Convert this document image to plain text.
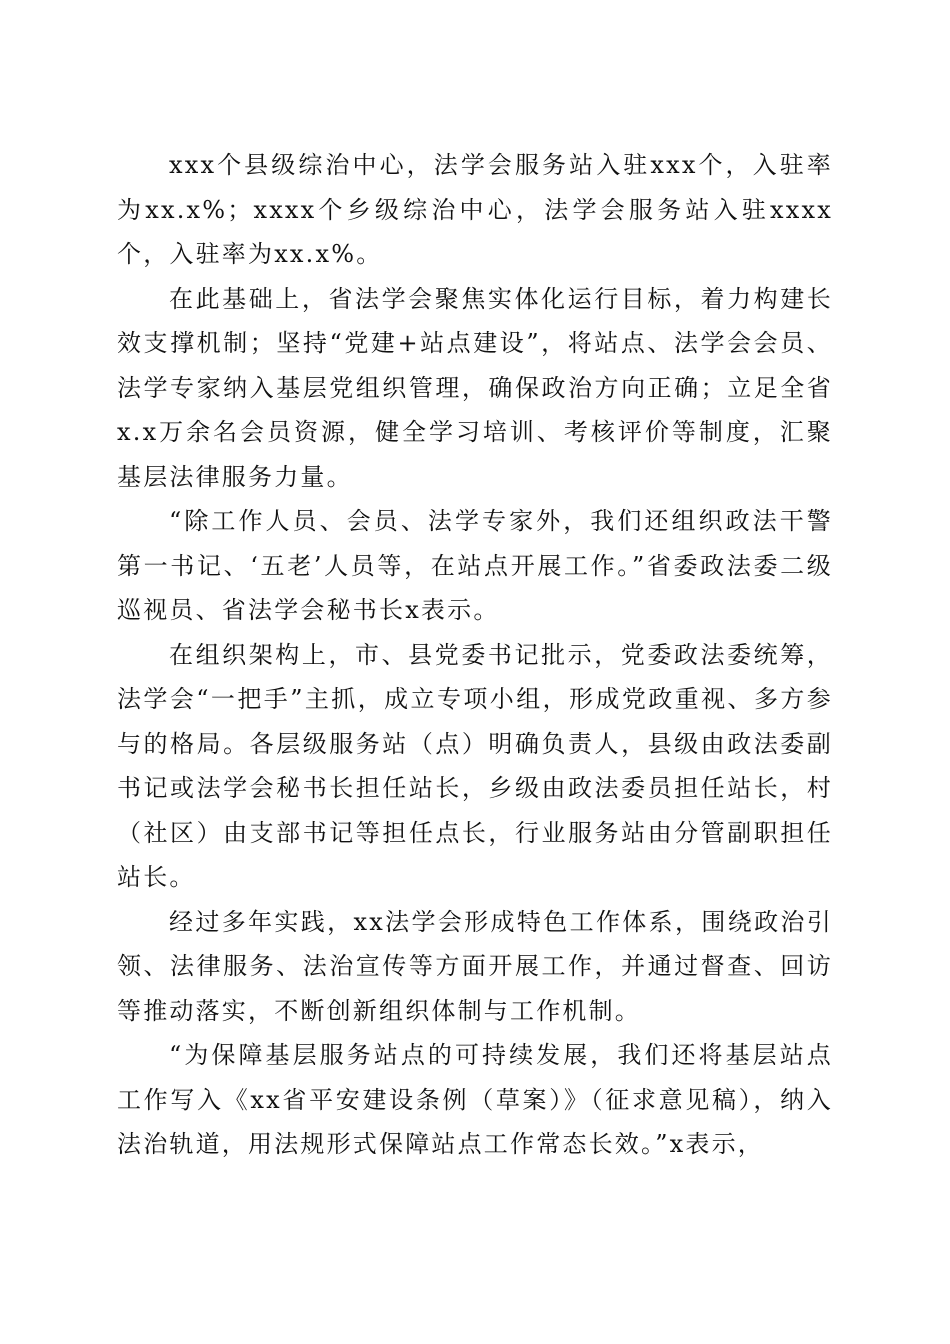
xxx个县级综治中心，法学会服务站入驻xxx个，入驻率为xx.x%；xxxx个乡级综治中心，法学会服务站入驻xxxx个，入驻率为xx.x%。

在此基础上，省法学会聚焦实体化运行目标，着力构建长效支撑机制；坚持“党建+站点建设”，将站点、法学会会员、法学专家纳入基层党组织管理，确保政治方向正确；立足全省x.x万余名会员资源，健全学习培训、考核评价等制度，汇聚基层法律服务力量。

“除工作人员、会员、法学专家外，我们还组织政法干警第一书记、‘五老’人员等，在站点开展工作。”省委政法委二级巡视员、省法学会秘书长x表示。

在组织架构上，市、县党委书记批示，党委政法委统筹，法学会“一把手”主抓，成立专项小组，形成党政重视、多方参与的格局。各层级服务站（点）明确负责人，县级由政法委副书记或法学会秘书长担任站长，乡级由政法委员担任站长，村（社区）由支部书记等担任点长，行业服务站由分管副职担任站长。

经过多年实践，xx法学会形成特色工作体系，围绕政治引领、法律服务、法治宣传等方面开展工作，并通过督查、回访等推动落实，不断创新组织体制与工作机制。

“为保障基层服务站点的可持续发展，我们还将基层站点工作写入《xx省平安建设条例（草案）》（征求意见稿），纳入法治轨道，用法规形式保障站点工作常态长效。”x表示，
